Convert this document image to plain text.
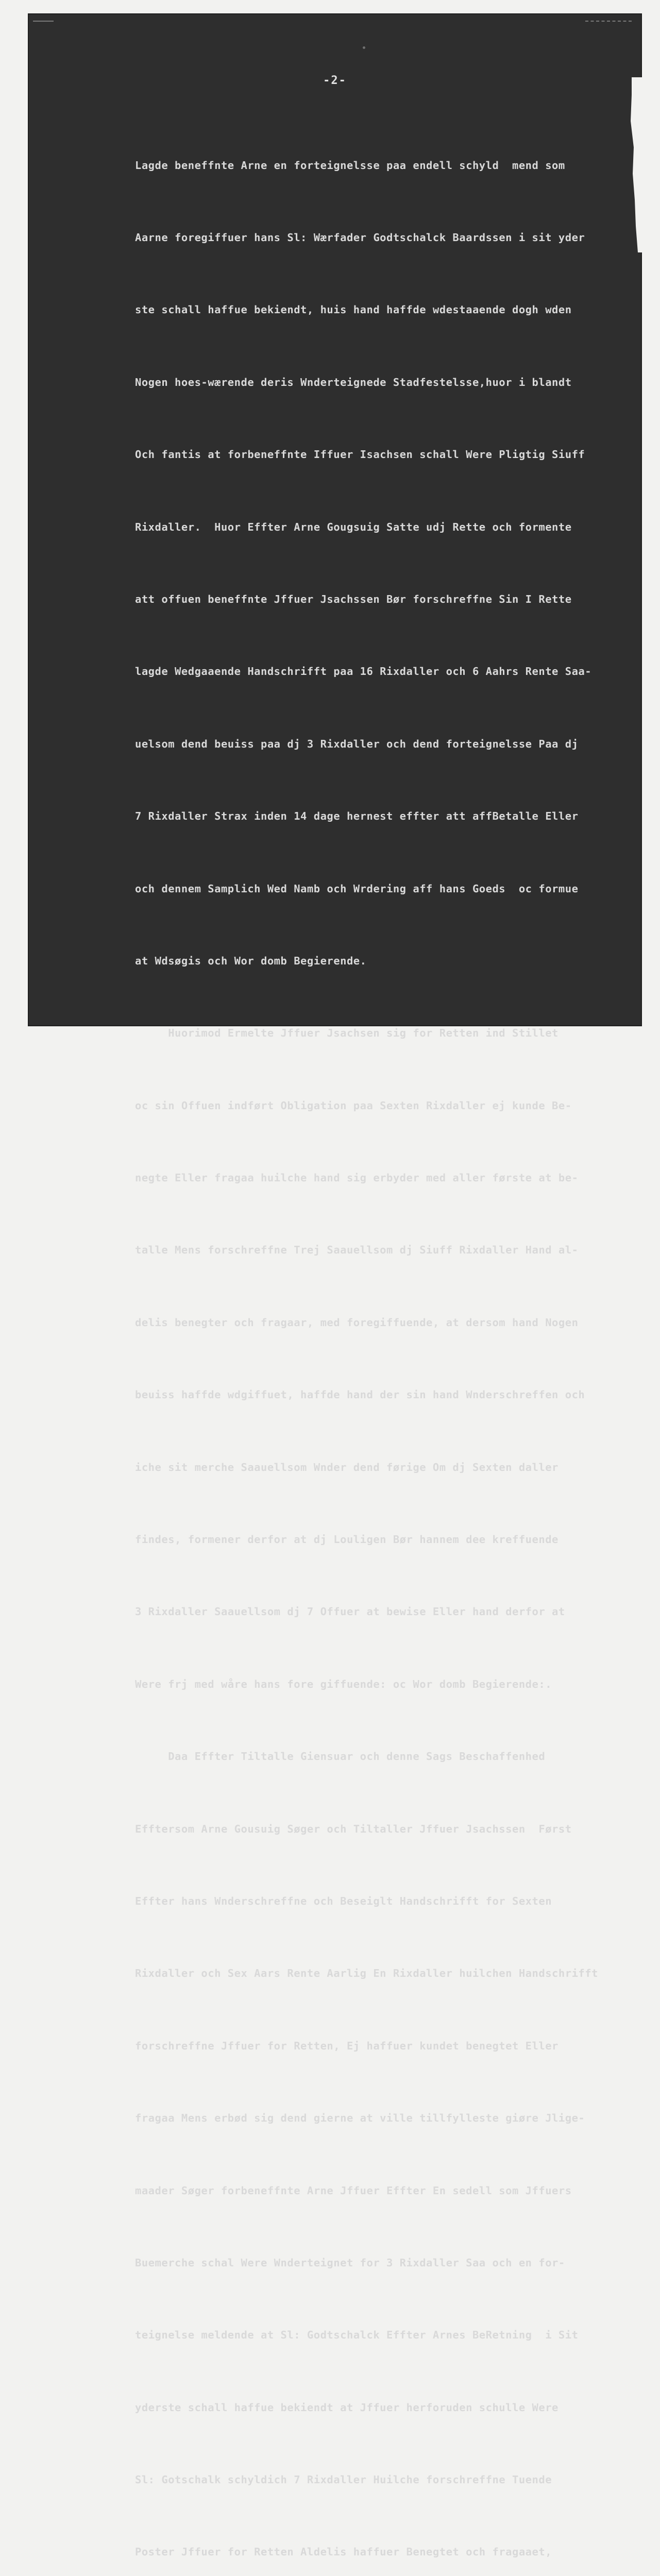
-2-

Lagde beneffnte Arne en forteignelsse paa endell schyld  mend som

Aarne foregiffuer hans Sl: Wærfader Godtschalck Baardssen i sit yder

ste schall haffue bekiendt, huis hand haffde wdestaaende dogh wden

Nogen hoes-wærende deris Wnderteignede Stadfestelsse,huor i blandt

Och fantis at forbeneffnte Iffuer Isachsen schall Were Pligtig Siuff

Rixdaller.  Huor Effter Arne Gougsuig Satte udj Rette och formente

att offuen beneffnte Jffuer Jsachssen Bør forschreffne Sin I Rette

lagde Wedgaaende Handschrifft paa 16 Rixdaller och 6 Aahrs Rente Saa-

uelsom dend beuiss paa dj 3 Rixdaller och dend forteignelsse Paa dj

7 Rixdaller Strax inden 14 dage hernest effter att affBetalle Eller

och dennem Samplich Wed Namb och Wrdering aff hans Goeds  oc formue

at Wdsøgis och Wor domb Begierende.

Huorimod Ermelte Jffuer Jsachsen sig for Retten ind Stillet

oc sin Offuen indført Obligation paa Sexten Rixdaller ej kunde Be-

negte Eller fragaa huilche hand sig erbyder med aller første at be-

talle Mens forschreffne Trej Saauellsom dj Siuff Rixdaller Hand al-

delis benegter och fragaar, med foregiffuende, at dersom hand Nogen

beuiss haffde wdgiffuet, haffde hand der sin hand Wnderschreffen och

iche sit merche Saauellsom Wnder dend førige Om dj Sexten daller

findes, formener derfor at dj Louligen Bør hannem dee kreffuende

3 Rixdaller Saauellsom dj 7 Offuer at bewise Eller hand derfor at

Were frj med wåre hans fore giffuende: oc Wor domb Begierende:.

Daa Effter Tiltalle Giensuar och denne Sags Beschaffenhed

Efftersom Arne Gousuig Søger och Tiltaller Jffuer Jsachssen  Først

Effter hans Wnderschreffne och Beseiglt Handschrifft for Sexten

Rixdaller och Sex Aars Rente Aarlig En Rixdaller huilchen Handschrifft

forschreffne Jffuer for Retten, Ej haffuer kundet benegtet Eller

fragaa Mens erbød sig dend gierne at ville tillfylleste giøre Jlige-

maader Søger forbeneffnte Arne Jffuer Effter En sedell som Jffuers

Buemerche schal Were Wnderteignet for 3 Rixdaller Saa och en for-

teignelse meldende at Sl: Godtschalck Effter Arnes BeRetning  i Sit

yderste schall haffue bekiendt at Jffuer herforuden schulle Were

Sl: Gotschalk schyldich 7 Rixdaller Huilche forschreffne Tuende

Poster Jffuer for Retten Aldelis haffuer Benegtet och fragaaet,
